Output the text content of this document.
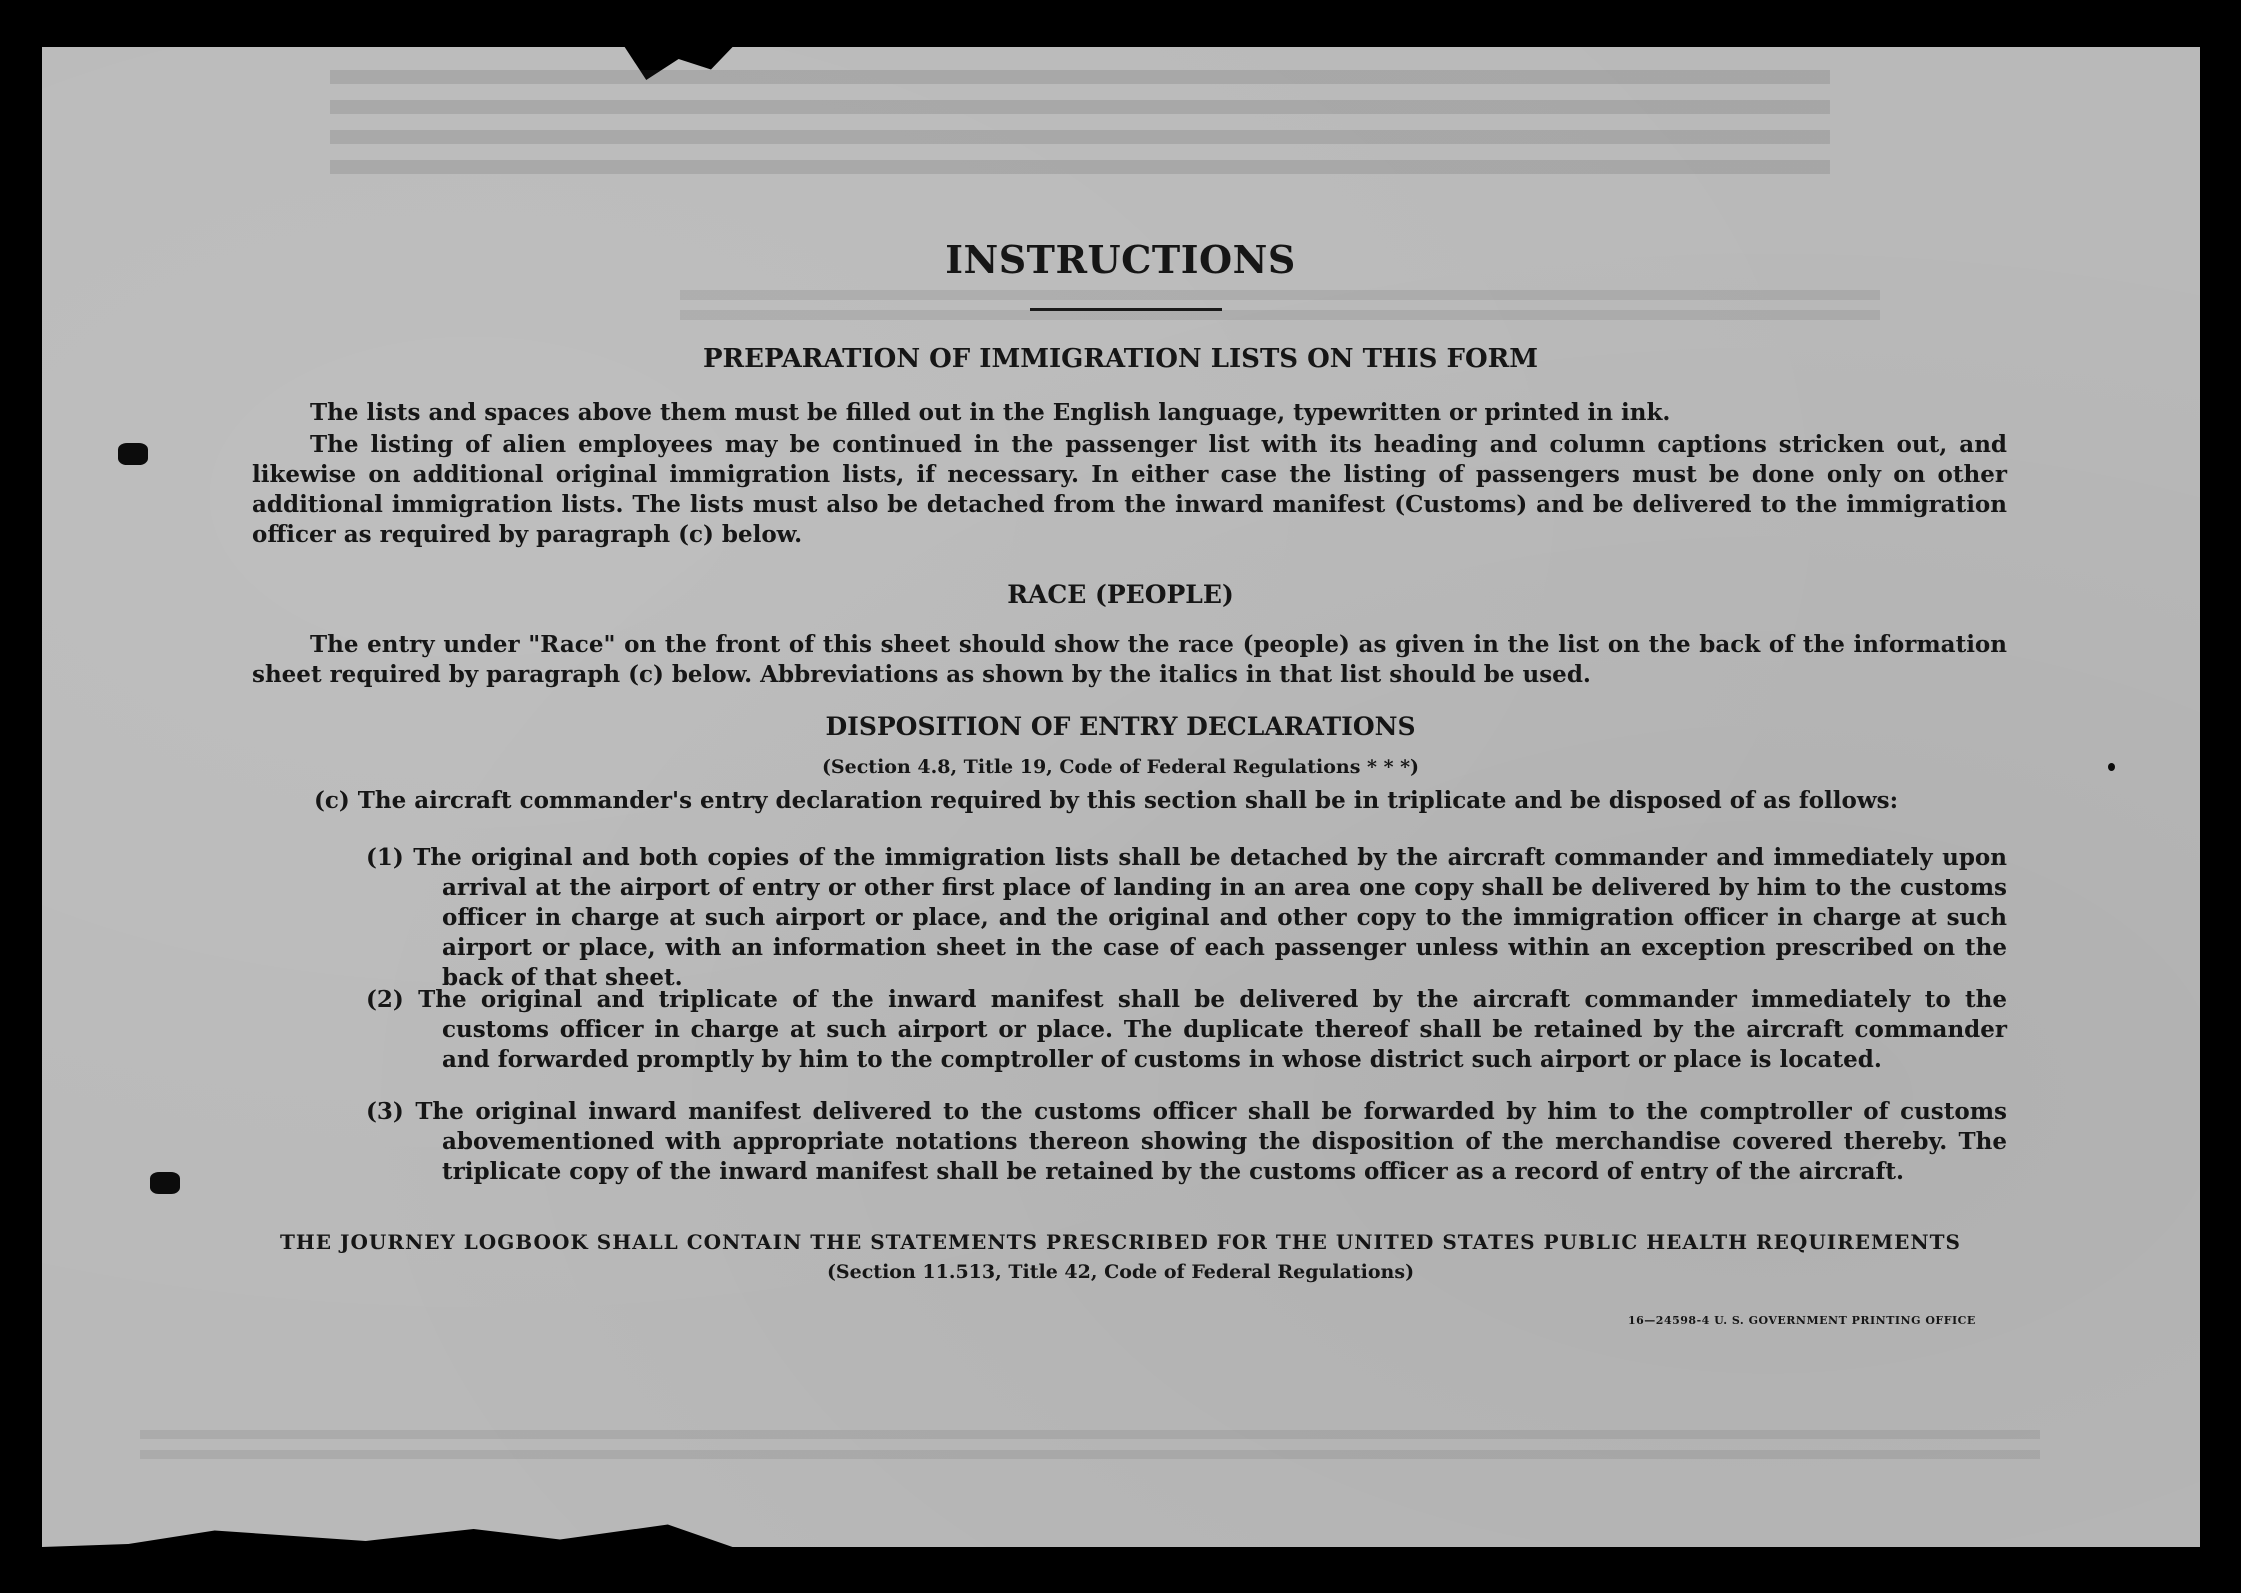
INSTRUCTIONS
PREPARATION OF IMMIGRATION LISTS ON THIS FORM
The lists and spaces above them must be filled out in the English language, typewritten or printed in ink.
The listing of alien employees may be continued in the passenger list with its heading and column captions stricken out, and likewise on additional original immigration lists, if necessary. In either case the listing of passengers must be done only on other additional immigration lists. The lists must also be detached from the inward manifest (Customs) and be delivered to the immigration officer as required by paragraph (c) below.
RACE (PEOPLE)
The entry under "Race" on the front of this sheet should show the race (people) as given in the list on the back of the information sheet required by paragraph (c) below. Abbreviations as shown by the italics in that list should be used.
DISPOSITION OF ENTRY DECLARATIONS
(Section 4.8, Title 19, Code of Federal Regulations * * *)
(c) The aircraft commander's entry declaration required by this section shall be in triplicate and be disposed of as follows:
(1) The original and both copies of the immigration lists shall be detached by the aircraft commander and immediately upon arrival at the airport of entry or other first place of landing in an area one copy shall be delivered by him to the customs officer in charge at such airport or place, and the original and other copy to the immigration officer in charge at such airport or place, with an information sheet in the case of each passenger unless within an exception prescribed on the back of that sheet.
(2) The original and triplicate of the inward manifest shall be delivered by the aircraft commander immediately to the customs officer in charge at such airport or place. The duplicate thereof shall be retained by the aircraft commander and forwarded promptly by him to the comptroller of customs in whose district such airport or place is located.
(3) The original inward manifest delivered to the customs officer shall be forwarded by him to the comptroller of customs abovementioned with appropriate notations thereon showing the disposition of the merchandise covered thereby. The triplicate copy of the inward manifest shall be retained by the customs officer as a record of entry of the aircraft.
THE JOURNEY LOGBOOK SHALL CONTAIN THE STATEMENTS PRESCRIBED FOR THE UNITED STATES PUBLIC HEALTH REQUIREMENTS
(Section 11.513, Title 42, Code of Federal Regulations)
16—24598-4 U. S. GOVERNMENT PRINTING OFFICE
